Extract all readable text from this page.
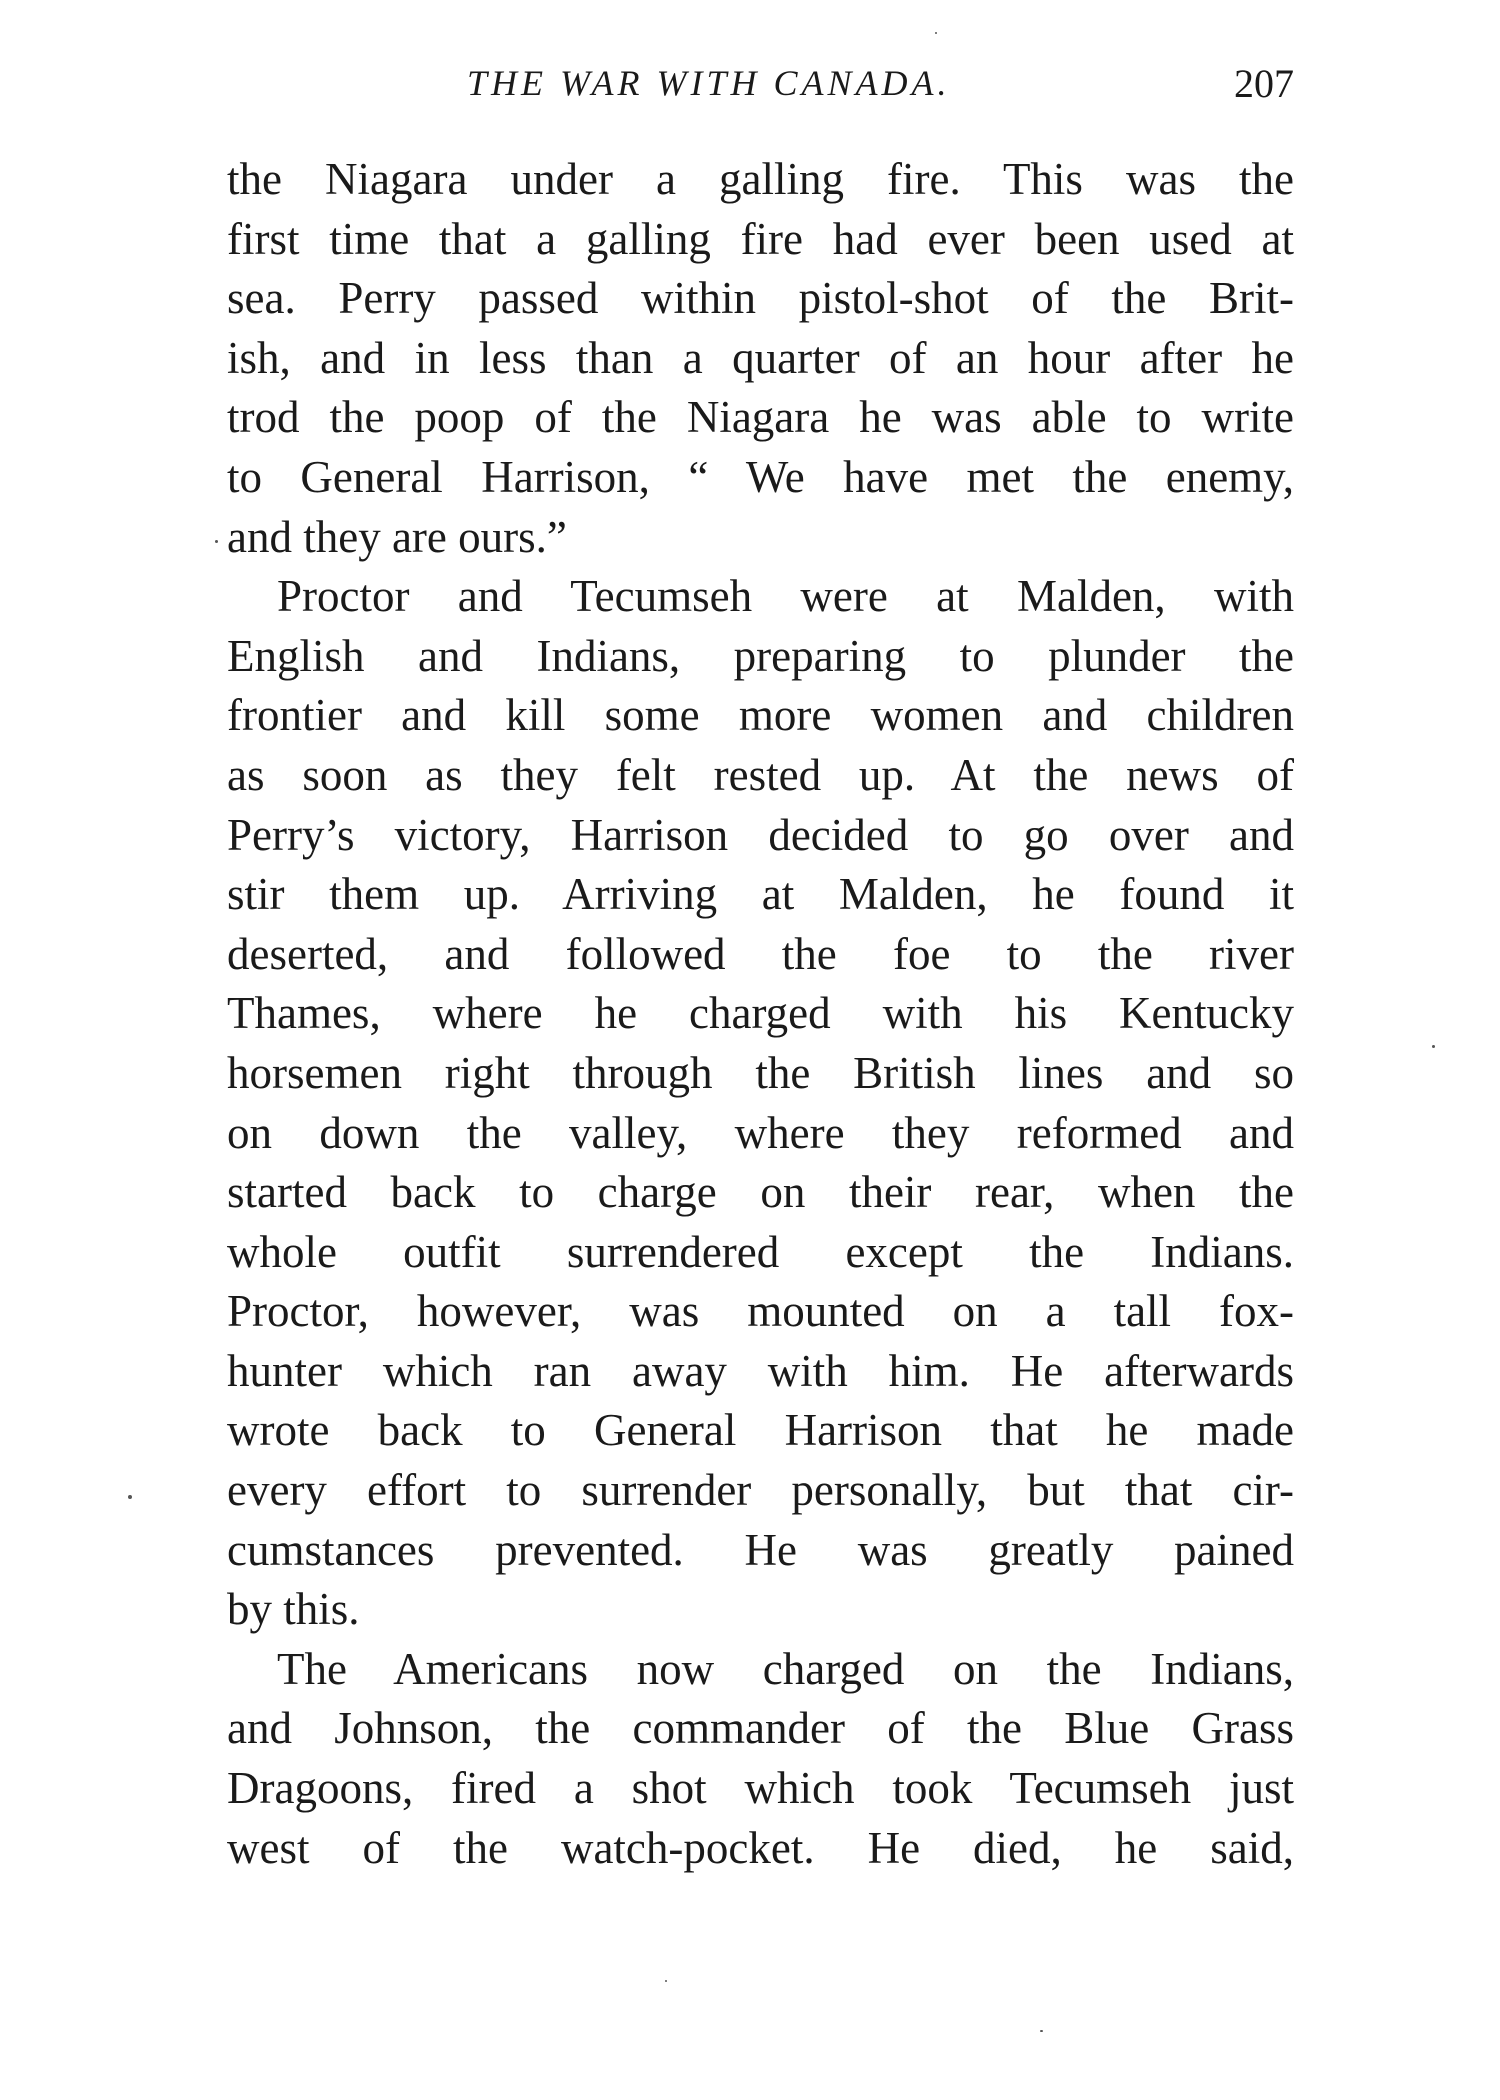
THE WAR WITH CANADA.	207
the Niagara under a galling fire. This was the
first time that a galling fire had ever been used at
sea. Perry passed within pistol-shot of the Brit-
ish, and in less than a quarter of an hour after he
trod the poop of the Niagara he was able to write
to General Harrison, “ We have met the enemy,
and they are ours.”
Proctor and Tecumseh were at Malden, with
English and Indians, preparing to plunder the
frontier and kill some more women and children
as soon as they felt rested up. At the news of
Perry’s victory, Harrison decided to go over and
stir them up. Arriving at Malden, he found it
deserted, and followed the foe to the river
Thames, where he charged with his Kentucky
horsemen right through the British lines and so
on down the valley, where they reformed and
started back to charge on their rear, when the
whole outfit surrendered except the Indians.
Proctor, however, was mounted on a tall fox-
hunter which ran away with him. He afterwards
wrote back to General Harrison that he made
every effort to surrender personally, but that cir-
cumstances prevented. He was greatly pained
by this.
The Americans now charged on the Indians,
and Johnson, the commander of the Blue Grass
Dragoons, fired a shot which took Tecumseh just
west of the watch-pocket. He died, he said,
